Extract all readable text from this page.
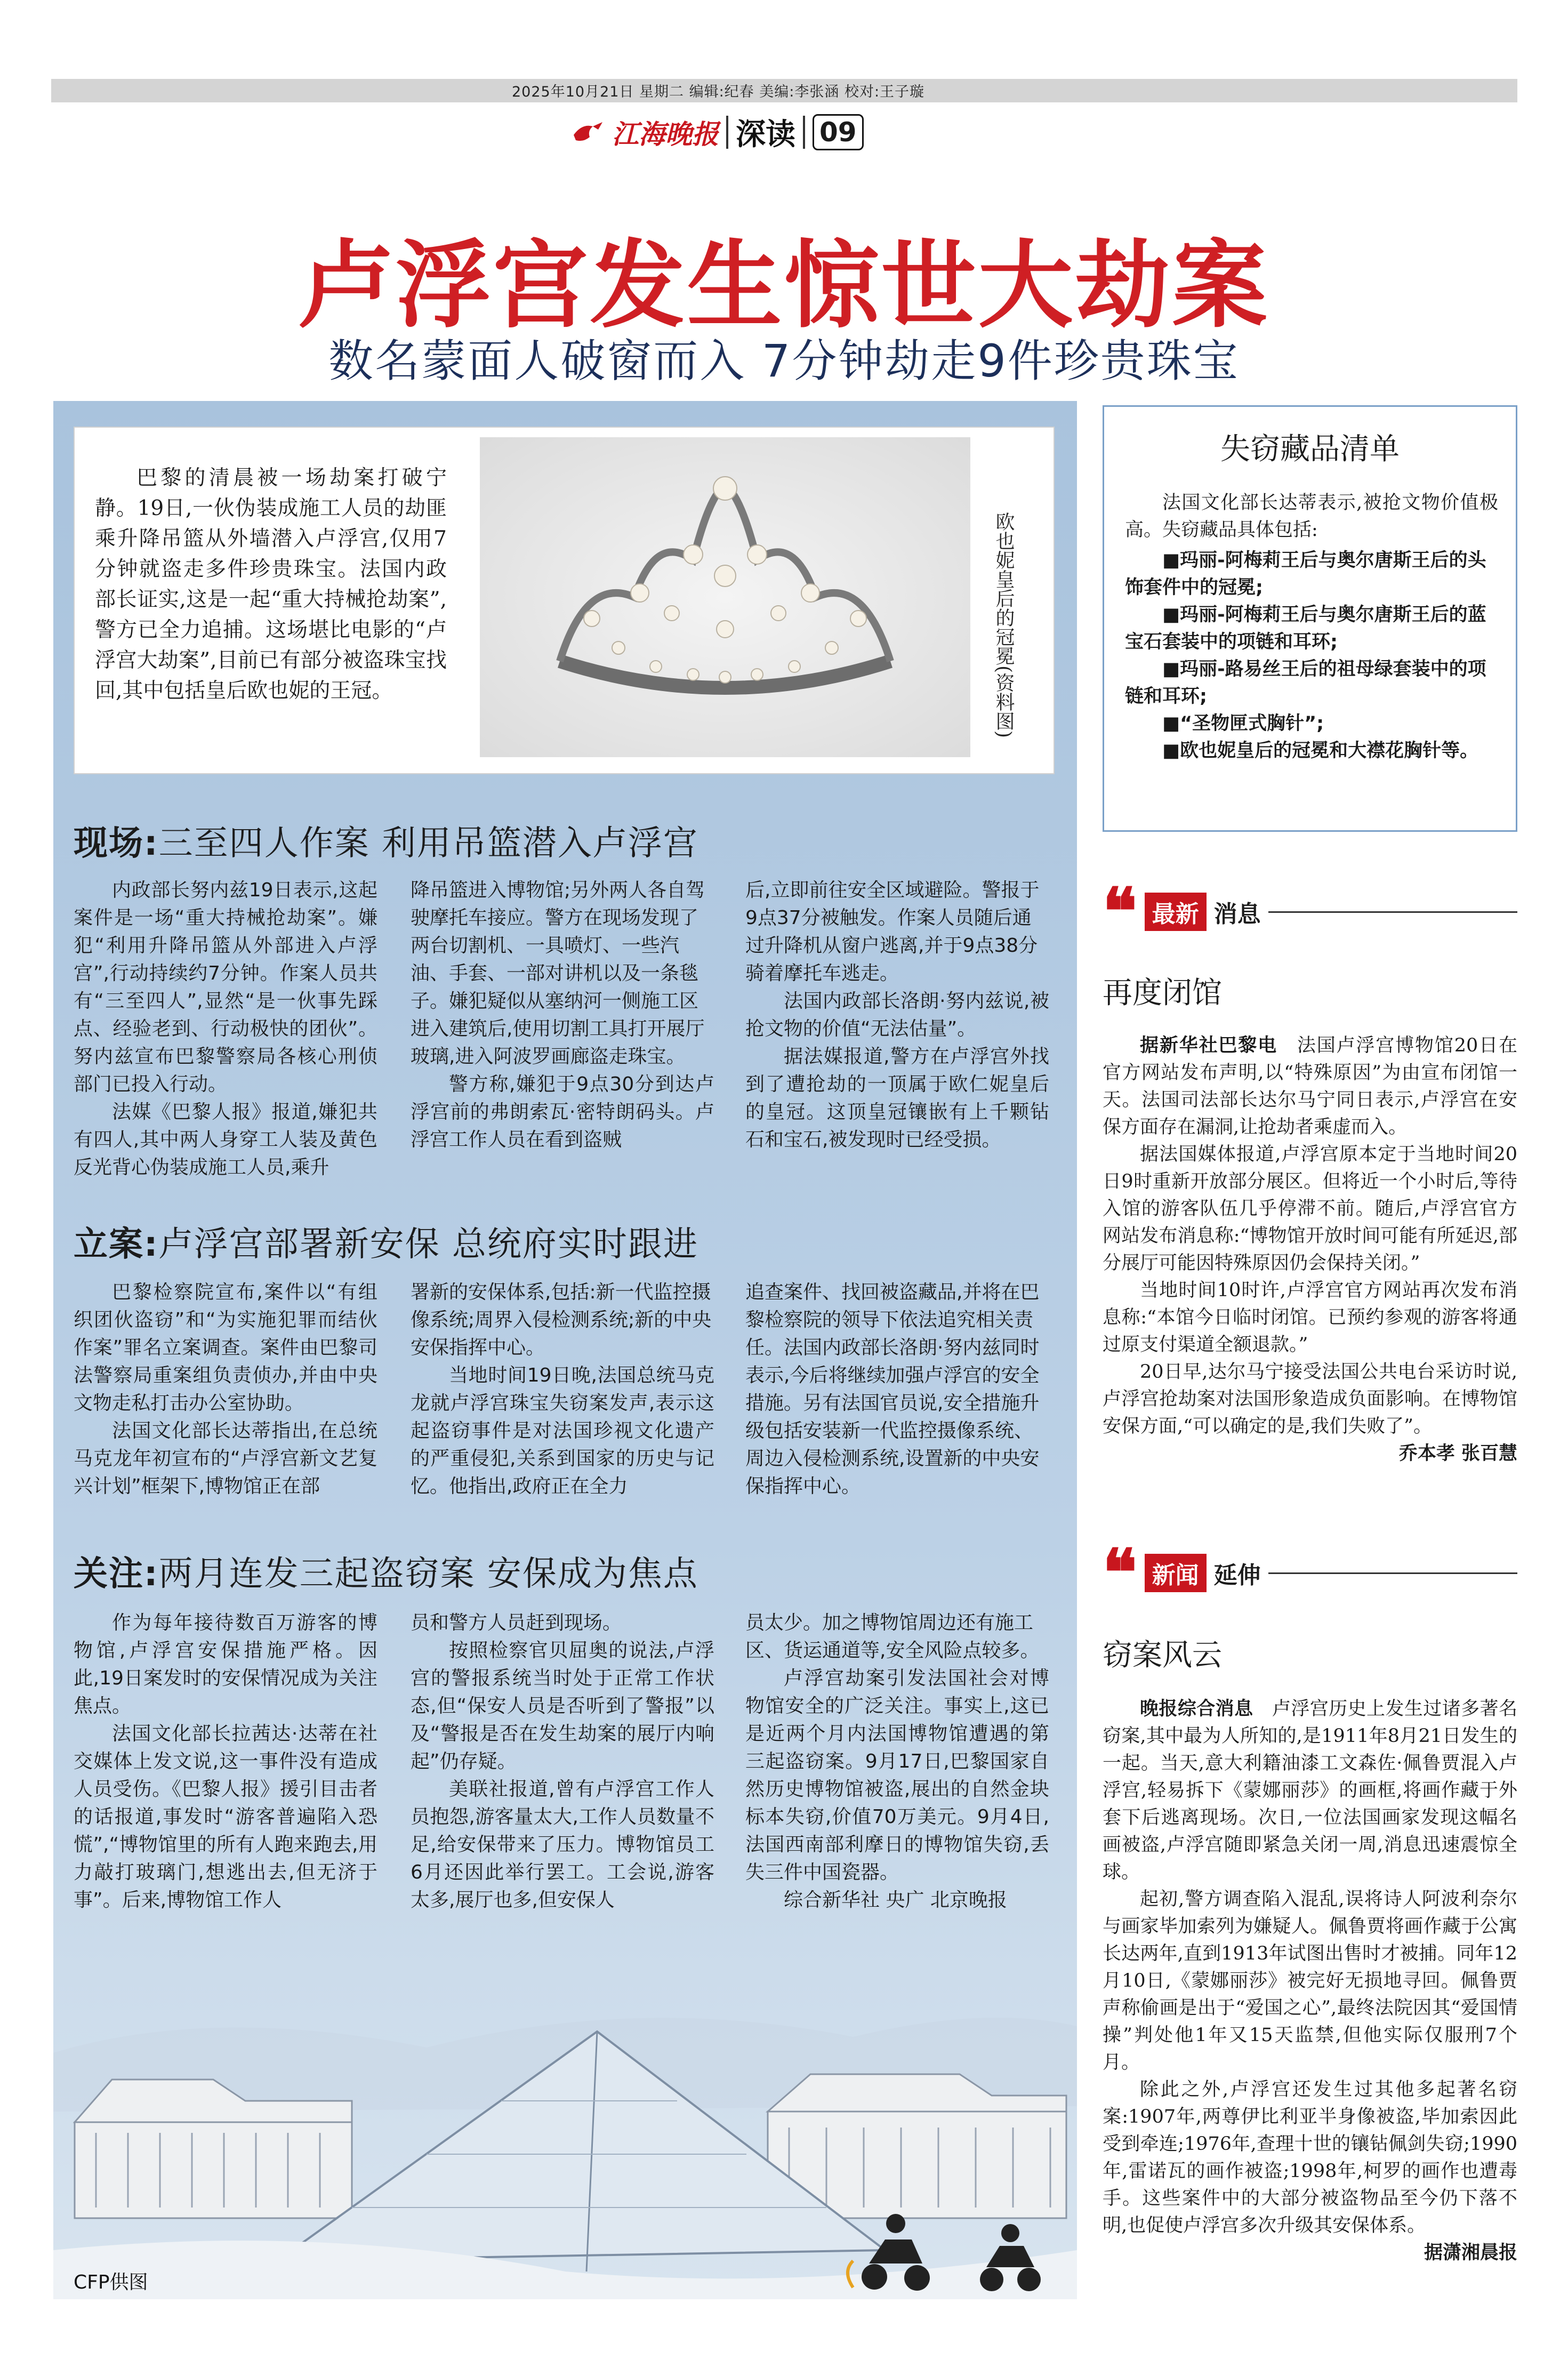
2025年10月21日 星期二 编辑:纪春 美编:李张涵 校对:王子璇
江海晚报 深读 09
卢浮宫发生惊世大劫案
数名蒙面人破窗而入 7分钟劫走9件珍贵珠宝
巴黎的清晨被一场劫案打破宁静。19日,一伙伪装成施工人员的劫匪乘升降吊篮从外墙潜入卢浮宫,仅用7分钟就盗走多件珍贵珠宝。法国内政部长证实,这是一起“重大持械抢劫案”,警方已全力追捕。这场堪比电影的“卢浮宫大劫案”,目前已有部分被盗珠宝找回,其中包括皇后欧也妮的王冠。	欧也妮皇后的冠冕(资料图)
现场:三至四人作案 利用吊篮潜入卢浮宫
内政部长努内兹19日表示,这起案件是一场“重大持械抢劫案”。嫌犯“利用升降吊篮从外部进入卢浮宫”,行动持续约7分钟。作案人员共有“三至四人”,显然“是一伙事先踩点、经验老到、行动极快的团伙”。努内兹宣布巴黎警察局各核心刑侦部门已投入行动。
法媒《巴黎人报》报道,嫌犯共有四人,其中两人身穿工人装及黄色反光背心伪装成施工人员,乘升
降吊篮进入博物馆;另外两人各自驾驶摩托车接应。警方在现场发现了两台切割机、一具喷灯、一些汽油、手套、一部对讲机以及一条毯子。嫌犯疑似从塞纳河一侧施工区进入建筑后,使用切割工具打开展厅玻璃,进入阿波罗画廊盗走珠宝。
警方称,嫌犯于9点30分到达卢浮宫前的弗朗索瓦·密特朗码头。卢浮宫工作人员在看到盗贼
后,立即前往安全区域避险。警报于9点37分被触发。作案人员随后通过升降机从窗户逃离,并于9点38分骑着摩托车逃走。
法国内政部长洛朗·努内兹说,被抢文物的价值“无法估量”。
据法媒报道,警方在卢浮宫外找到了遭抢劫的一顶属于欧仁妮皇后的皇冠。这顶皇冠镶嵌有上千颗钻石和宝石,被发现时已经受损。
立案:卢浮宫部署新安保 总统府实时跟进
巴黎检察院宣布,案件以“有组织团伙盗窃”和“为实施犯罪而结伙作案”罪名立案调查。案件由巴黎司法警察局重案组负责侦办,并由中央文物走私打击办公室协助。
法国文化部长达蒂指出,在总统马克龙年初宣布的“卢浮宫新文艺复兴计划”框架下,博物馆正在部
署新的安保体系,包括:新一代监控摄像系统;周界入侵检测系统;新的中央安保指挥中心。
当地时间19日晚,法国总统马克龙就卢浮宫珠宝失窃案发声,表示这起盗窃事件是对法国珍视文化遗产的严重侵犯,关系到国家的历史与记忆。他指出,政府正在全力
追查案件、找回被盗藏品,并将在巴黎检察院的领导下依法追究相关责任。法国内政部长洛朗·努内兹同时表示,今后将继续加强卢浮宫的安全措施。另有法国官员说,安全措施升级包括安装新一代监控摄像系统、周边入侵检测系统,设置新的中央安保指挥中心。
关注:两月连发三起盗窃案 安保成为焦点
作为每年接待数百万游客的博物馆,卢浮宫安保措施严格。因此,19日案发时的安保情况成为关注焦点。
法国文化部长拉茜达·达蒂在社交媒体上发文说,这一事件没有造成人员受伤。《巴黎人报》援引目击者的话报道,事发时“游客普遍陷入恐慌”,“博物馆里的所有人跑来跑去,用力敲打玻璃门,想逃出去,但无济于事”。后来,博物馆工作人
员和警方人员赶到现场。
按照检察官贝屈奥的说法,卢浮宫的警报系统当时处于正常工作状态,但“保安人员是否听到了警报”以及“警报是否在发生劫案的展厅内响起”仍存疑。
美联社报道,曾有卢浮宫工作人员抱怨,游客量太大,工作人员数量不足,给安保带来了压力。博物馆员工6月还因此举行罢工。工会说,游客太多,展厅也多,但安保人
员太少。加之博物馆周边还有施工区、货运通道等,安全风险点较多。
卢浮宫劫案引发法国社会对博物馆安全的广泛关注。事实上,这已是近两个月内法国博物馆遭遇的第三起盗窃案。9月17日,巴黎国家自然历史博物馆被盗,展出的自然金块标本失窃,价值70万美元。9月4日,法国西南部利摩日的博物馆失窃,丢失三件中国瓷器。
综合新华社 央广 北京晚报
CFP供图
失窃藏品清单
法国文化部长达蒂表示,被抢文物价值极高。失窃藏品具体包括:
■玛丽-阿梅莉王后与奥尔唐斯王后的头饰套件中的冠冕;
■玛丽-阿梅莉王后与奥尔唐斯王后的蓝宝石套装中的项链和耳环;
■玛丽-路易丝王后的祖母绿套装中的项链和耳环;
■“圣物匣式胸针”;
■欧也妮皇后的冠冕和大襟花胸针等。
❝ 最新 消息
再度闭馆
据新华社巴黎电　 法国卢浮宫博物馆20日在官方网站发布声明,以“特殊原因”为由宣布闭馆一天。法国司法部长达尔马宁同日表示,卢浮宫在安保方面存在漏洞,让抢劫者乘虚而入。
据法国媒体报道,卢浮宫原本定于当地时间20日9时重新开放部分展区。但将近一个小时后,等待入馆的游客队伍几乎停滞不前。随后,卢浮宫官方网站发布消息称:“博物馆开放时间可能有所延迟,部分展厅可能因特殊原因仍会保持关闭。”
当地时间10时许,卢浮宫官方网站再次发布消息称:“本馆今日临时闭馆。已预约参观的游客将通过原支付渠道全额退款。”
20日早,达尔马宁接受法国公共电台采访时说,卢浮宫抢劫案对法国形象造成负面影响。在博物馆安保方面,“可以确定的是,我们失败了”。
乔本孝 张百慧
❝ 新闻 延伸
窃案风云
晚报综合消息　 卢浮宫历史上发生过诸多著名窃案,其中最为人所知的,是1911年8月21日发生的一起。当天,意大利籍油漆工文森佐·佩鲁贾混入卢浮宫,轻易拆下《蒙娜丽莎》的画框,将画作藏于外套下后逃离现场。次日,一位法国画家发现这幅名画被盗,卢浮宫随即紧急关闭一周,消息迅速震惊全球。
起初,警方调查陷入混乱,误将诗人阿波利奈尔与画家毕加索列为嫌疑人。佩鲁贾将画作藏于公寓长达两年,直到1913年试图出售时才被捕。同年12月10日,《蒙娜丽莎》被完好无损地寻回。佩鲁贾声称偷画是出于“爱国之心”,最终法院因其“爱国情操”判处他1年又15天监禁,但他实际仅服刑7个月。
除此之外,卢浮宫还发生过其他多起著名窃案:1907年,两尊伊比利亚半身像被盗,毕加索因此受到牵连;1976年,查理十世的镶钻佩剑失窃;1990年,雷诺瓦的画作被盗;1998年,柯罗的画作也遭毒手。这些案件中的大部分被盗物品至今仍下落不明,也促使卢浮宫多次升级其安保体系。
据潇湘晨报
